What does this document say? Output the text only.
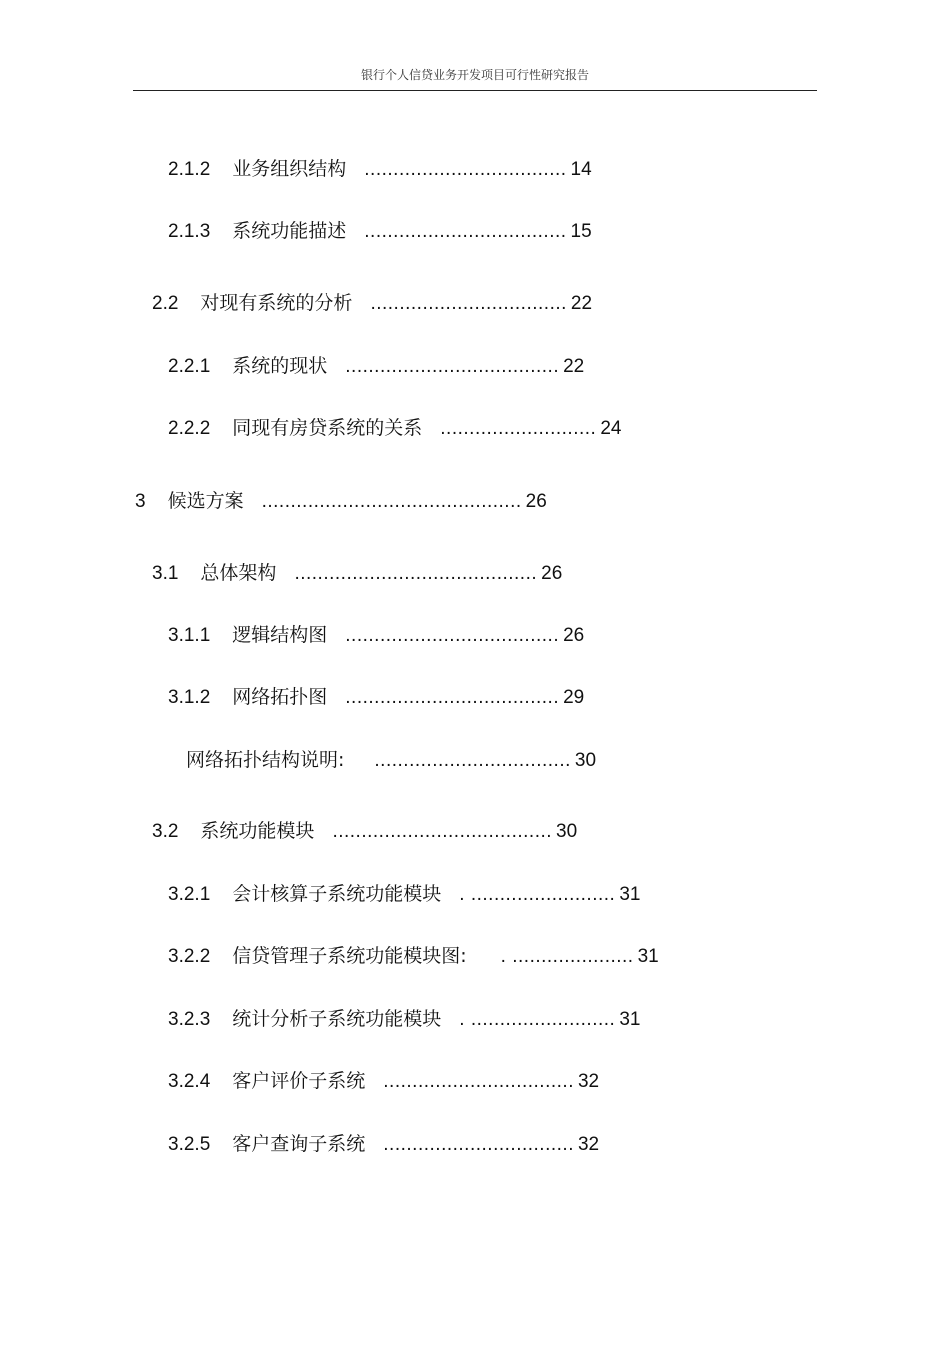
银行个人信贷业务开发项目可行性研究报告
2.1.2 业务组织结构 ................................... 14
2.1.3 系统功能描述 ................................... 15
2.2 对现有系统的分析 .................................. 22
2.2.1 系统的现状 ..................................... 22
2.2.2 同现有房贷系统的关系 ........................... 24
3 候选方案 ............................................. 26
3.1 总体架构 .......................................... 26
3.1.1 逻辑结构图 ..................................... 26
3.1.2 网络拓扑图 ..................................... 29
网络拓扑结构说明: .................................. 30
3.2 系统功能模块 ...................................... 30
3.2.1 会计核算子系统功能模块 . ......................... 31
3.2.2 信贷管理子系统功能模块图: . ..................... 31
3.2.3 统计分析子系统功能模块 . ......................... 31
3.2.4 客户评价子系统 ................................. 32
3.2.5 客户查询子系统 ................................. 32
